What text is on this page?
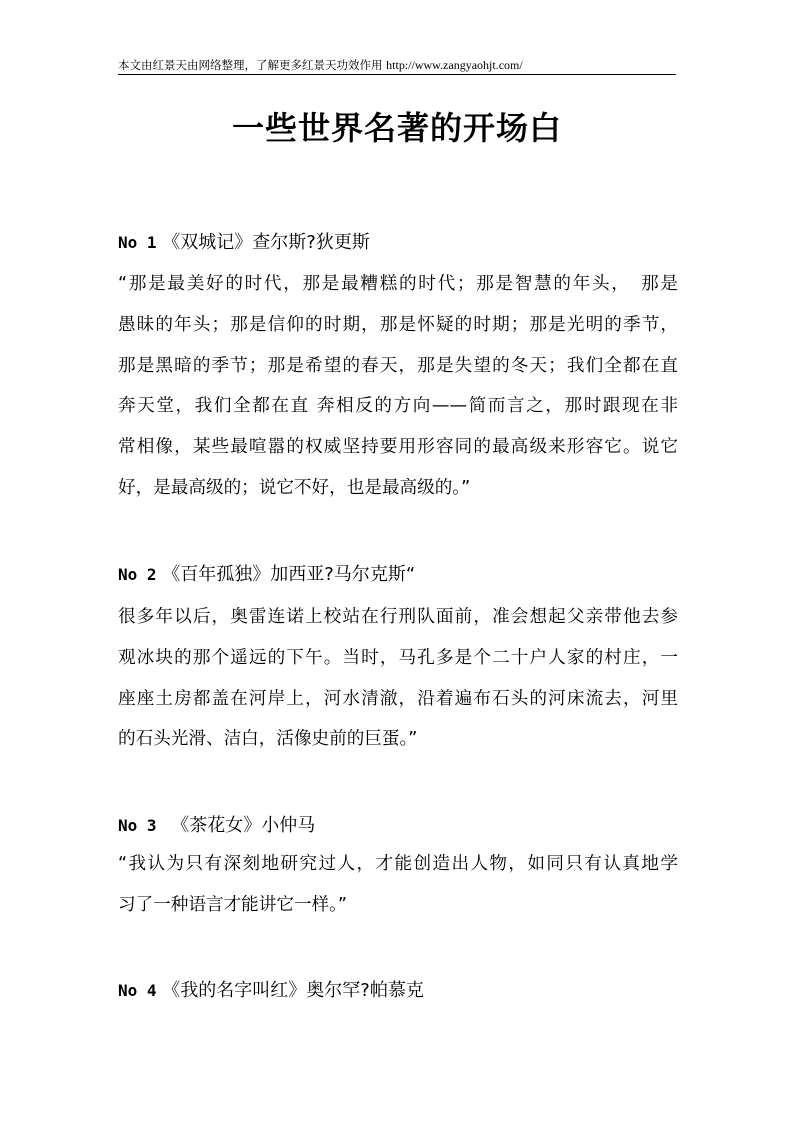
本文由红景天由网络整理，了解更多红景天功效作用 http://www.zangyaohjt.com/
一些世界名著的开场白
No 1 《双城记》查尔斯?狄更斯
“那是最美好的时代，那是最糟糕的时代；那是智慧的年头，　那是
愚昧的年头；那是信仰的时期，那是怀疑的时期；那是光明的季节，
那是黑暗的季节；那是希望的春天，那是失望的冬天；我们全都在直
奔天堂，我们全都在直 奔相反的方向——简而言之，那时跟现在非
常相像，某些最喧嚣的权威坚持要用形容同的最高级来形容它。说它
好，是最高级的；说它不好，也是最高级的。”
No 2 《百年孤独》加西亚?马尔克斯“
很多年以后，奥雷连诺上校站在行刑队面前，准会想起父亲带他去参
观冰块的那个遥远的下午。当时，马孔多是个二十户人家的村庄，一
座座土房都盖在河岸上，河水清澈，沿着遍布石头的河床流去，河里
的石头光滑、洁白，活像史前的巨蛋。”
No 3 　《茶花女》小仲马
“我认为只有深刻地研究过人，才能创造出人物，如同只有认真地学
习了一种语言才能讲它一样。”
No 4 《我的名字叫红》奥尔罕?帕慕克
